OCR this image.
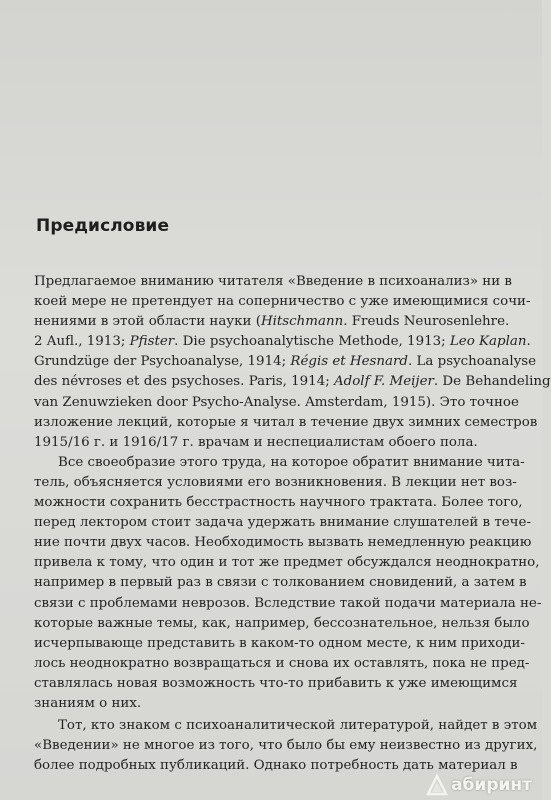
Предисловие
Предлагаемое вниманию читателя «Введение в психоанализ» ни в
коей мере не претендует на соперничество с уже имеющимися сочи-
нениями в этой области науки (Hitschmann. Freuds Neurosenlehre.
2 Aufl., 1913; Pfister. Die psychoanalytische Methode, 1913; Leo Kaplan.
Grundzüge der Psychoanalyse, 1914; Régis et Hesnard. La psychoanalyse
des névroses et des psychoses. Paris, 1914; Adolf F. Meijer. De Behandeling
van Zenuwzieken door Psycho-Analyse. Amsterdam, 1915). Это точное
изложение лекций, которые я читал в течение двух зимних семестров
1915/16 г. и 1916/17 г. врачам и неспециалистам обоего пола.
Все своеобразие этого труда, на которое обратит внимание чита-
тель, объясняется условиями его возникновения. В лекции нет воз-
можности сохранить бесстрастность научного трактата. Более того,
перед лектором стоит задача удержать внимание слушателей в тече-
ние почти двух часов. Необходимость вызвать немедленную реакцию
привела к тому, что один и тот же предмет обсуждался неоднократно,
например в первый раз в связи с толкованием сновидений, а затем в
связи с проблемами неврозов. Вследствие такой подачи материала не-
которые важные темы, как, например, бессознательное, нельзя было
исчерпывающе представить в каком-то одном месте, к ним приходи-
лось неоднократно возвращаться и снова их оставлять, пока не пред-
ставлялась новая возможность что-то прибавить к уже имеющимся
знаниям о них.
Тот, кто знаком с психоаналитической литературой, найдет в этом
«Введении» не многое из того, что было бы ему неизвестно из других,
более подробных публикаций. Однако потребность дать материал в
абиринт
